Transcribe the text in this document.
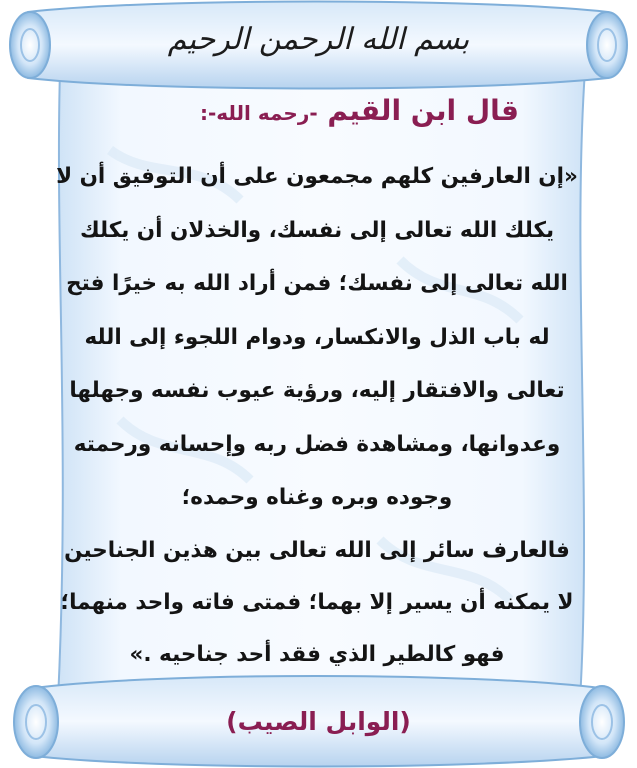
بسم الله الرحمن الرحيم
قال ابن القيم -رحمه الله-:
«إن العارفين كلهم مجمعون على أن التوفيق أن لا
يكلك الله تعالى إلى نفسك، والخذلان أن يكلك
الله تعالى إلى نفسك؛ فمن أراد الله به خيرًا فتح
له باب الذل والانكسار، ودوام اللجوء إلى الله
تعالى والافتقار إليه، ورؤية عيوب نفسه وجهلها
وعدوانها، ومشاهدة فضل ربه وإحسانه ورحمته
وجوده وبره وغناه وحمده؛
فالعارف سائر إلى الله تعالى بين هذين الجناحين
لا يمكنه أن يسير إلا بهما؛ فمتى فاته واحد منهما؛
فهو كالطير الذي فقد أحد جناحيه .»
(الوابل الصيب)
